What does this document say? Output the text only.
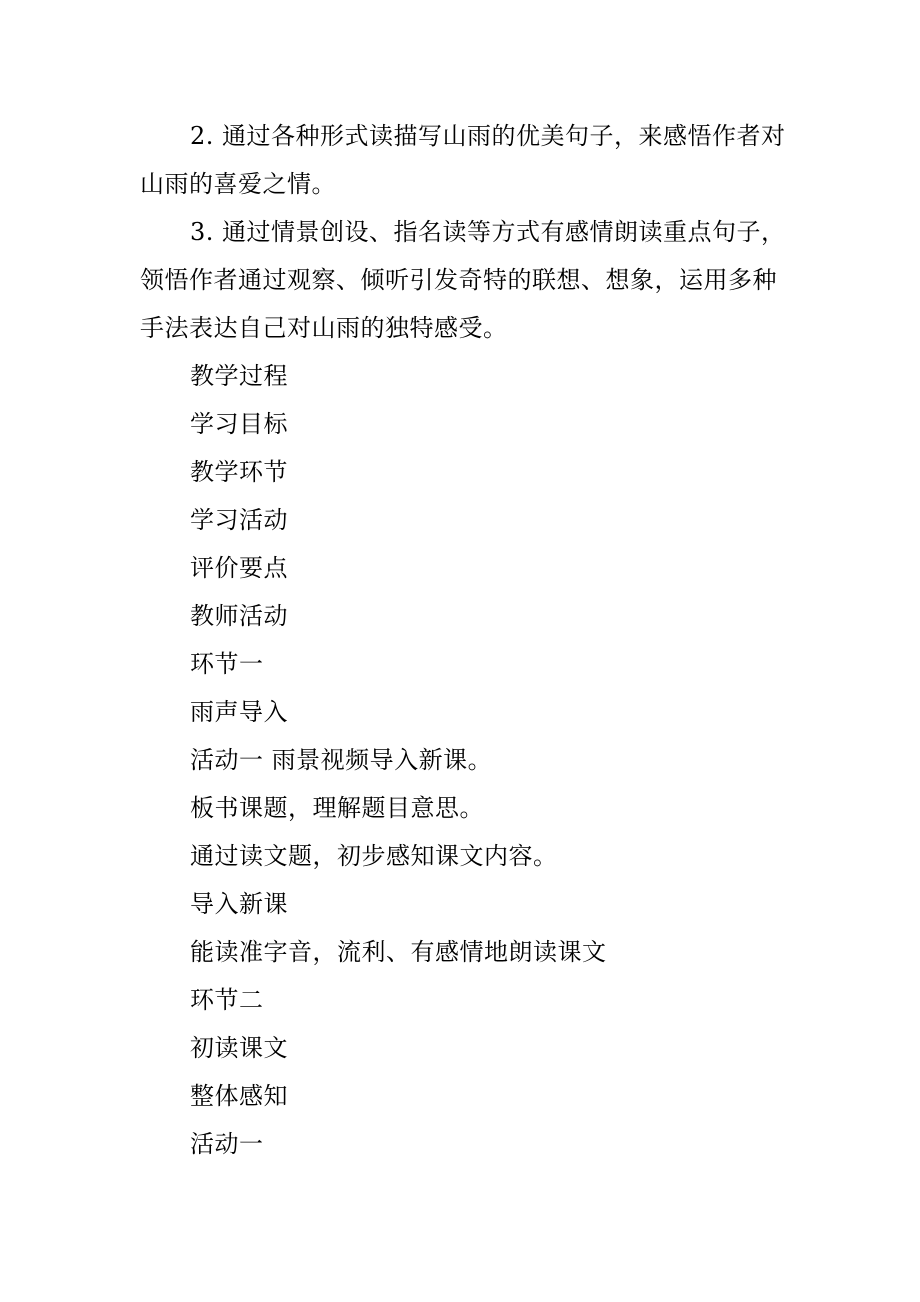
2. 通过各种形式读描写山雨的优美句子，来感悟作者对山雨的喜爱之情。

3. 通过情景创设、指名读等方式有感情朗读重点句子，领悟作者通过观察、倾听引发奇特的联想、想象，运用多种手法表达自己对山雨的独特感受。

教学过程

学习目标

教学环节

学习活动

评价要点

教师活动

环节一

雨声导入

活动一 雨景视频导入新课。

板书课题，理解题目意思。

通过读文题，初步感知课文内容。

导入新课

能读准字音，流利、有感情地朗读课文

环节二

初读课文

整体感知

活动一
